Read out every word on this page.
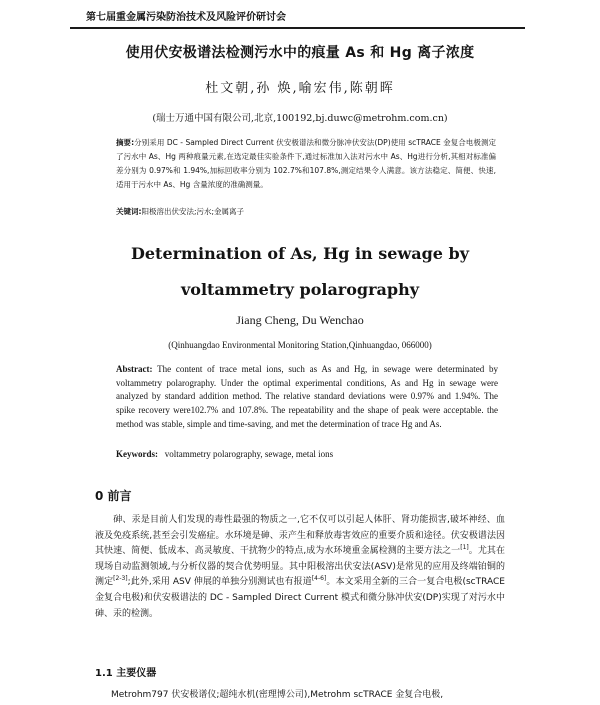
第七届重金属污染防治技术及风险评价研讨会
使用伏安极谱法检测污水中的痕量 As 和 Hg 离子浓度
杜文朝,孙 焕,喻宏伟,陈朝晖
(瑞士万通中国有限公司,北京,100192,bj.duwc@metrohm.com.cn)
摘要:分别采用 DC - Sampled Direct Current 伏安极谱法和微分脉冲伏安法(DP)使用 scTRACE 金复合电极测定了污水中 As、Hg 两种痕量元素,在选定最佳实验条件下,通过标准加入法对污水中 As、Hg进行分析,其相对标准偏差分别为 0.97%和 1.94%,加标回收率分别为 102.7%和107.8%,测定结果令人满意。该方法稳定、简便、快速,适用于污水中 As、Hg 含量浓度的准确测量。
关键词:阳极溶出伏安法;污水;金属离子
Determination of As, Hg in sewage by voltammetry polarography
Jiang Cheng, Du Wenchao
(Qinhuangdao Environmental Monitoring Station,Qinhuangdao, 066000)
Abstract: The content of trace metal ions, such as As and Hg, in sewage were determinated by voltammetry polarography. Under the optimal experimental conditions, As and Hg in sewage were analyzed by standard addition method. The relative standard deviations were 0.97% and 1.94%. The spike recovery were102.7% and 107.8%. The repeatability and the shape of peak were acceptable. the method was stable, simple and time-saving, and met the determination of trace Hg and As.
Keywords: voltammetry polarography, sewage, metal ions
0 前言
砷、汞是目前人们发现的毒性最强的物质之一,它不仅可以引起人体肝、肾功能损害,破坏神经、血液及免疫系统,甚至会引发癌症。水环境是砷、汞产生和释放毒害效应的重要介质和途径。伏安极谱法因其快速、简便、低成本、高灵敏度、干扰物少的特点,成为水环境重金属检测的主要方法之一[1]。尤其在现场自动监测领域,与分析仪器的契合优势明显。其中阳极溶出伏安法(ASV)是常见的应用及终端铂铜的测定[2-3];此外,采用 ASV 伸展的单独分别测试也有报道[4-6]。本文采用全新的三合一复合电极(scTRACE 金复合电极)和伏安极谱法的 DC - Sampled Direct Current 模式和微分脉冲伏安(DP)实现了对污水中砷、汞的检测。
1.1 主要仪器
Metrohm797 伏安极谱仪;超纯水机(密理博公司),Metrohm scTRACE 金复合电极,
